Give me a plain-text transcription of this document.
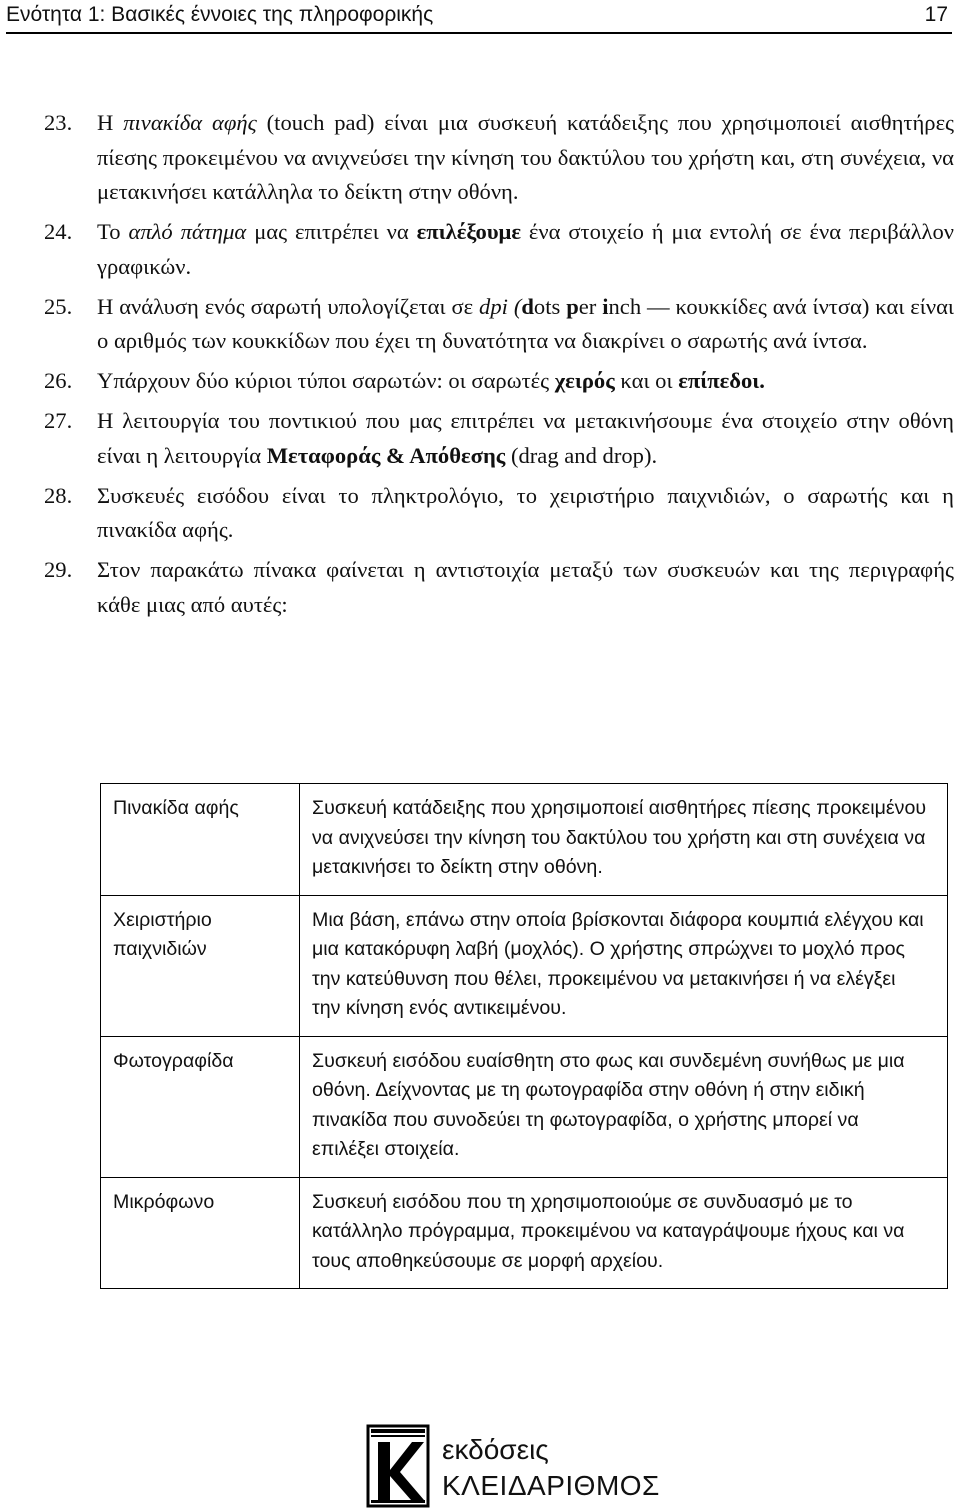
Ενότητα 1: Βασικές έννοιες της πληροφορικής	17
23. Η πινακίδα αφής (touch pad) είναι μια συσκευή κατάδειξης που χρησιμοποιεί αισθητήρες πίεσης προκειμένου να ανιχνεύσει την κίνηση του δακτύλου του χρήστη και, στη συνέχεια, να μετακινήσει κατάλληλα το δείκτη στην οθόνη.
24. Το απλό πάτημα μας επιτρέπει να επιλέξουμε ένα στοιχείο ή μια εντολή σε ένα περιβάλλον γραφικών.
25. Η ανάλυση ενός σαρωτή υπολογίζεται σε dpi (dots per inch — κουκκίδες ανά ίντσα) και είναι ο αριθμός των κουκκίδων που έχει τη δυνατότητα να διακρίνει ο σαρωτής ανά ίντσα.
26. Υπάρχουν δύο κύριοι τύποι σαρωτών: οι σαρωτές χειρός και οι επίπεδοι.
27. Η λειτουργία του ποντικιού που μας επιτρέπει να μετακινήσουμε ένα στοιχείο στην οθόνη είναι η λειτουργία Μεταφοράς & Απόθεσης (drag and drop).
28. Συσκευές εισόδου είναι το πληκτρολόγιο, το χειριστήριο παιχνιδιών, ο σαρωτής και η πινακίδα αφής.
29. Στον παρακάτω πίνακα φαίνεται η αντιστοιχία μεταξύ των συσκευών και της περιγραφής κάθε μιας από αυτές:
Πινακίδα αφής	Συσκευή κατάδειξης που χρησιμοποιεί αισθητήρες πίεσης προκειμένου να ανιχνεύσει την κίνηση του δακτύλου του χρήστη και στη συνέχεια να μετακινήσει το δείκτη στην οθόνη.
Χειριστήριο παιχνιδιών	Μια βάση, επάνω στην οποία βρίσκονται διάφορα κουμπιά ελέγχου και μια κατακόρυφη λαβή (μοχλός). Ο χρήστης σπρώχνει το μοχλό προς την κατεύθυνση που θέλει, προκειμένου να μετακινήσει ή να ελέγξει την κίνηση ενός αντικειμένου.
Φωτογραφίδα	Συσκευή εισόδου ευαίσθητη στο φως και συνδεμένη συνήθως με μια οθόνη. Δείχνοντας με τη φωτογραφίδα στην οθόνη ή στην ειδική πινακίδα που συνοδεύει τη φωτογραφίδα, ο χρήστης μπορεί να επιλέξει στοιχεία.
Μικρόφωνο	Συσκευή εισόδου που τη χρησιμοποιούμε σε συνδυασμό με το κατάλληλο πρόγραμμα, προκειμένου να καταγράψουμε ήχους και να τους αποθηκεύσουμε σε μορφή αρχείου.
εκδόσεις
ΚΛΕΙΔΑΡΙΘΜΟΣ
